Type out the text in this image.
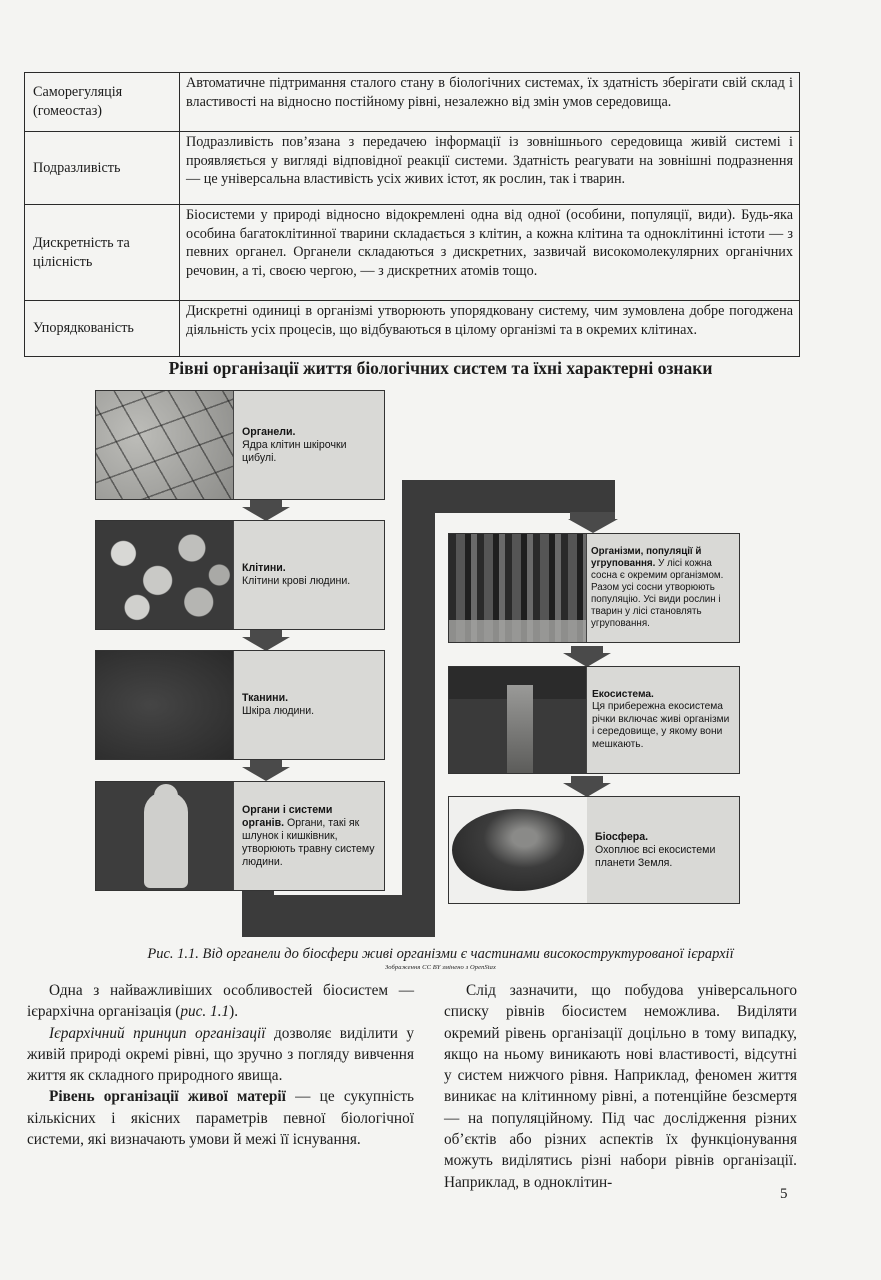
Саморегуляція (гомеостаз)	Автоматичне підтримання сталого стану в біологічних системах, їх здатність зберігати свій склад і властивості на відносно постійному рівні, незалежно від змін умов середовища.
Подразливість	Подразливість пов’язана з передачею інформації із зовнішнього середовища живій системі і проявляється у вигляді відповідної реакції системи. Здатність реагувати на зовнішні подразнення — це універсальна властивість усіх живих істот, як рослин, так і тварин.
Дискретність та цілісність	Біосистеми у природі відносно відокремлені одна від одної (особини, популяції, види). Будь-яка особина багатоклітинної тварини складається з клітин, а кожна клітина та одноклітинні істоти — з певних органел. Органели складаються з дискретних, зазвичай високомолекулярних органічних речовин, а ті, своєю чергою, — з дискретних атомів тощо.
Упорядкованість	Дискретні одиниці в організмі утворюють упорядковану систему, чим зумовлена добре погоджена діяльність усіх процесів, що відбуваються в цілому організмі та в окремих клітинах.
Рівні організації життя біологічних систем та їхні характерні ознаки
Органели.
Ядра клітин шкірочки цибулі.
Клітини.
Клітини крові людини.
Тканини.
Шкіра людини.
Органи і системи органів. Органи, такі як шлунок і кишківник, утворюють травну систему людини.
Організми, популяції й угруповання. У лісі кожна сосна є окремим організмом. Разом усі сосни утворюють популяцію. Усі види рослин і тварин у лісі становлять угруповання.
Екосистема.
Ця прибережна екосистема річки включає живі організми і середовище, у якому вони мешкають.
Біосфера.
Охоплює всі екосистеми планети Земля.
Рис. 1.1. Від органели до біосфери живі організми є частинами високоструктурованої ієрархії
Зображення CC BY змінено з OpenStax

Одна з найважливіших особливостей біосистем — ієрархічна організація (рис. 1.1).

Ієрархічний принцип організації дозволяє виділити у живій природі окремі рівні, що зручно з погляду вивчення життя як складного природного явища.

Рівень організації живої матерії — це сукупність кількісних і якісних параметрів певної біологічної системи, які визначають умови й межі її існування.

Слід зазначити, що побудова універсального списку рівнів біосистем неможлива. Виділяти окремий рівень організації доцільно в тому випадку, якщо на ньому виникають нові властивості, відсутні у систем нижчого рівня. Наприклад, феномен життя виникає на клітинному рівні, а потенційне безсмертя — на популяційному. Під час дослідження різних об’єктів або різних аспектів їх функціонування можуть виділятись різні набори рівнів організації. Наприклад, в одноклітин-

5
